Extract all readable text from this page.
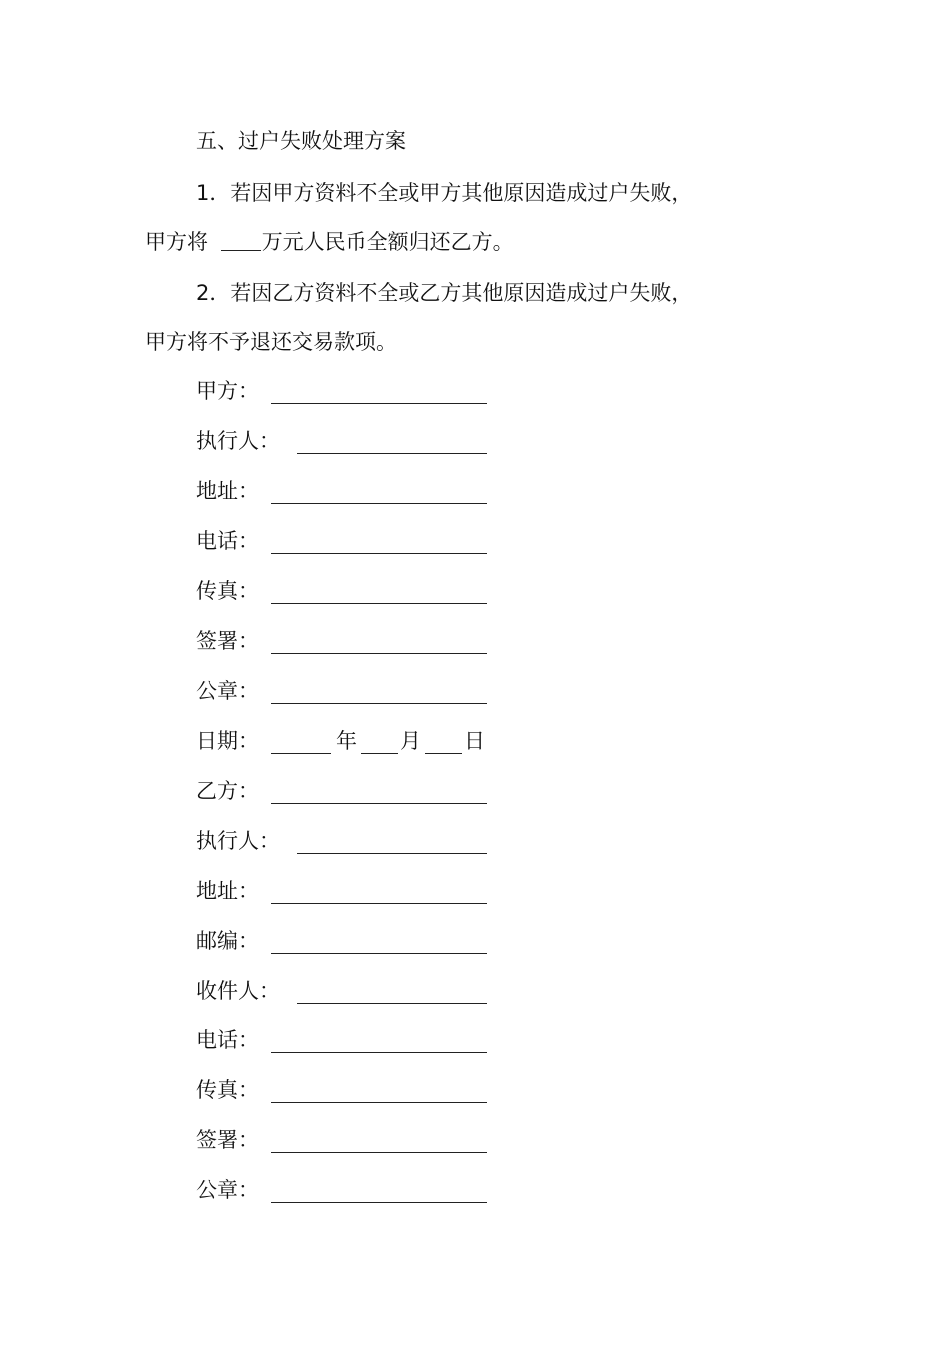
五、过户失败处理方案
1．若因甲方资料不全或甲方其他原因造成过户失败，
甲方将	万元人民币全额归还乙方。
2．若因乙方资料不全或乙方其他原因造成过户失败，
甲方将不予退还交易款项。
甲方：
执行人：
地址：
电话：
传真：
签署：
公章：
日期：	年 月 日
乙方：
执行人：
地址：
邮编：
收件人：
电话：
传真：
签署：
公章：
